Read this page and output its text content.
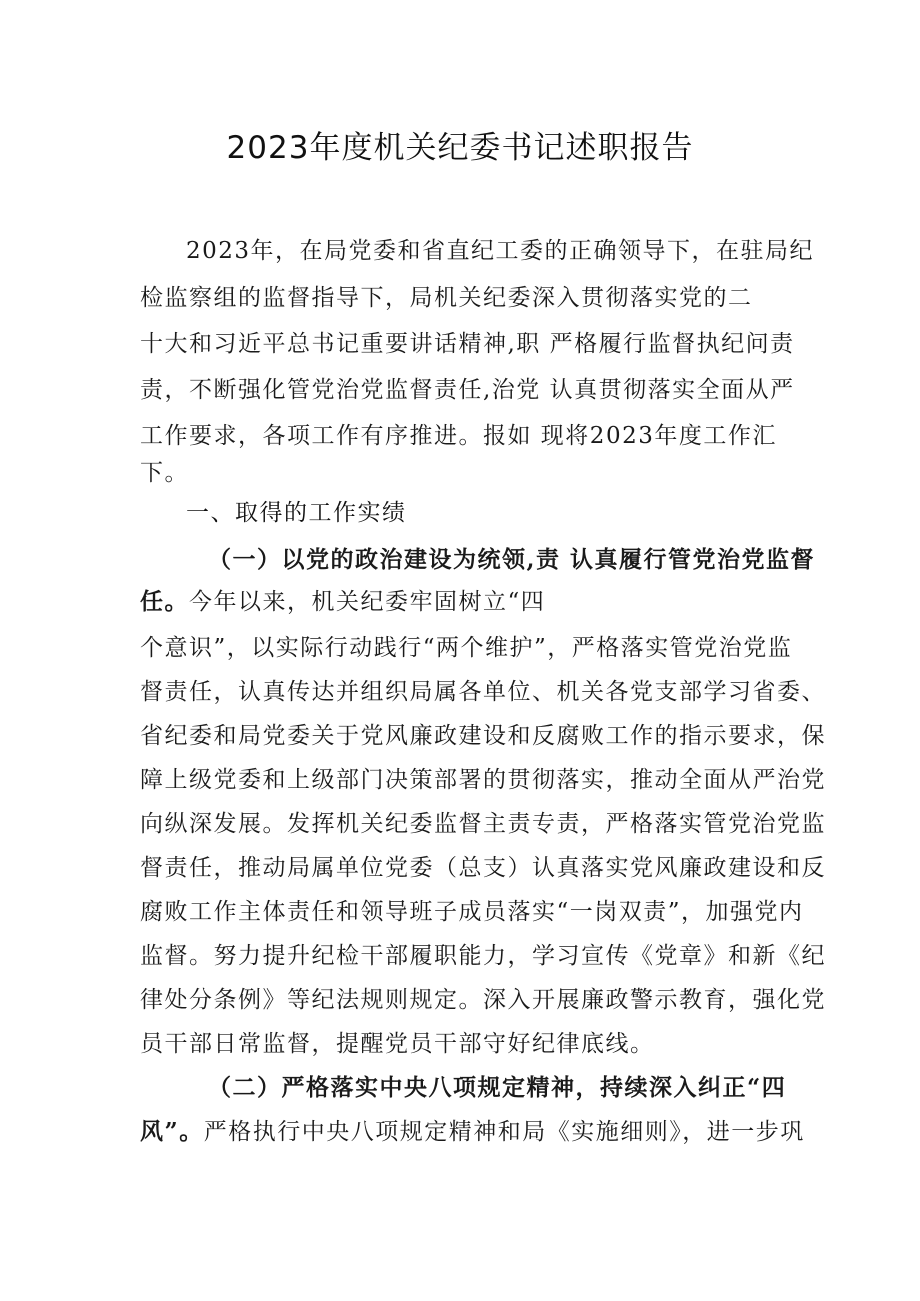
2023年度机关纪委书记述职报告
2023年，在局党委和省直纪工委的正确领导下，在驻局纪
检监察组的监督指导下，局机关纪委深入贯彻落实党的二
十大和习近平总书记重要讲话精神,职 严格履行监督执纪问责
责，不断强化管党治党监督责任,治党 认真贯彻落实全面从严
工作要求，各项工作有序推进。报如 现将2023年度工作汇
下。
一、取得的工作实绩
（一）以党的政治建设为统领,责 认真履行管党治党监督
任。今年以来，机关纪委牢固树立“四
个意识”，以实际行动践行“两个维护”，严格落实管党治党监
督责任，认真传达并组织局属各单位、机关各党支部学习省委、
省纪委和局党委关于党风廉政建设和反腐败工作的指示要求，保
障上级党委和上级部门决策部署的贯彻落实，推动全面从严治党
向纵深发展。发挥机关纪委监督主责专责，严格落实管党治党监
督责任，推动局属单位党委（总支）认真落实党风廉政建设和反
腐败工作主体责任和领导班子成员落实“一岗双责”，加强党内
监督。努力提升纪检干部履职能力，学习宣传《党章》和新《纪
律处分条例》等纪法规则规定。深入开展廉政警示教育，强化党
员干部日常监督，提醒党员干部守好纪律底线。
（二）严格落实中央八项规定精神，持续深入纠正“四
风”。严格执行中央八项规定精神和局《实施细则》，进一步巩
